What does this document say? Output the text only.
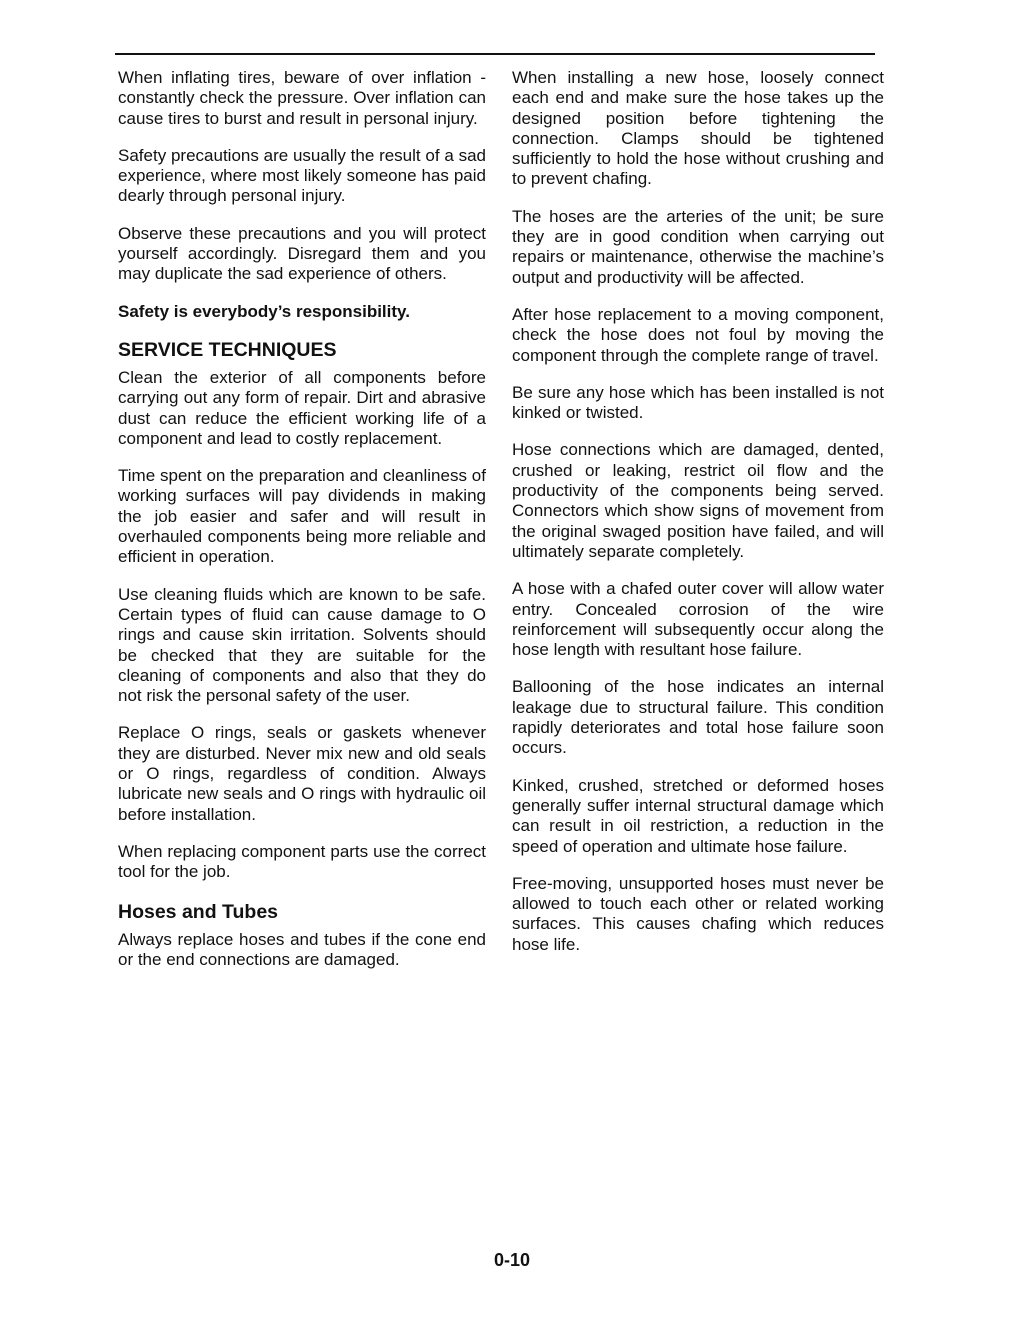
When inflating tires, beware of over inflation - constantly check the pressure. Over inflation can cause tires to burst and result in personal injury.

Safety precautions are usually the result of a sad experience, where most likely someone has paid dearly through personal injury.

Observe these precautions and you will protect yourself accordingly. Disregard them and you may duplicate the sad experience of others.

Safety is everybody’s responsibility.

SERVICE TECHNIQUES

Clean the exterior of all components before carrying out any form of repair. Dirt and abrasive dust can reduce the efficient working life of a component and lead to costly replacement.

Time spent on the preparation and cleanliness of working surfaces will pay dividends in making the job easier and safer and will result in overhauled components being more reliable and efficient in operation.

Use cleaning fluids which are known to be safe. Certain types of fluid can cause damage to O rings and cause skin irritation. Solvents should be checked that they are suitable for the cleaning of components and also that they do not risk the personal safety of the user.

Replace O rings, seals or gaskets whenever they are disturbed. Never mix new and old seals or O rings, regardless of condition. Always lubricate new seals and O rings with hydraulic oil before installation.

When replacing component parts use the correct tool for the job.

Hoses and Tubes

Always replace hoses and tubes if the cone end or the end connections are damaged.

When installing a new hose, loosely connect each end and make sure the hose takes up the designed position before tightening the connection. Clamps should be tightened sufficiently to hold the hose without crushing and to prevent chafing.

The hoses are the arteries of the unit; be sure they are in good condition when carrying out repairs or maintenance, otherwise the machine’s output and productivity will be affected.

After hose replacement to a moving component, check the hose does not foul by moving the component through the complete range of travel.

Be sure any hose which has been installed is not kinked or twisted.

Hose connections which are damaged, dented, crushed or leaking, restrict oil flow and the productivity of the components being served. Connectors which show signs of movement from the original swaged position have failed, and will ultimately separate completely.

A hose with a chafed outer cover will allow water entry. Concealed corrosion of the wire reinforcement will subsequently occur along the hose length with resultant hose failure.

Ballooning of the hose indicates an internal leakage due to structural failure. This condition rapidly deteriorates and total hose failure soon occurs.

Kinked, crushed, stretched or deformed hoses generally suffer internal structural damage which can result in oil restriction, a reduction in the speed of operation and ultimate hose failure.

Free-moving, unsupported hoses must never be allowed to touch each other or related working surfaces. This causes chafing which reduces hose life.

0-10
